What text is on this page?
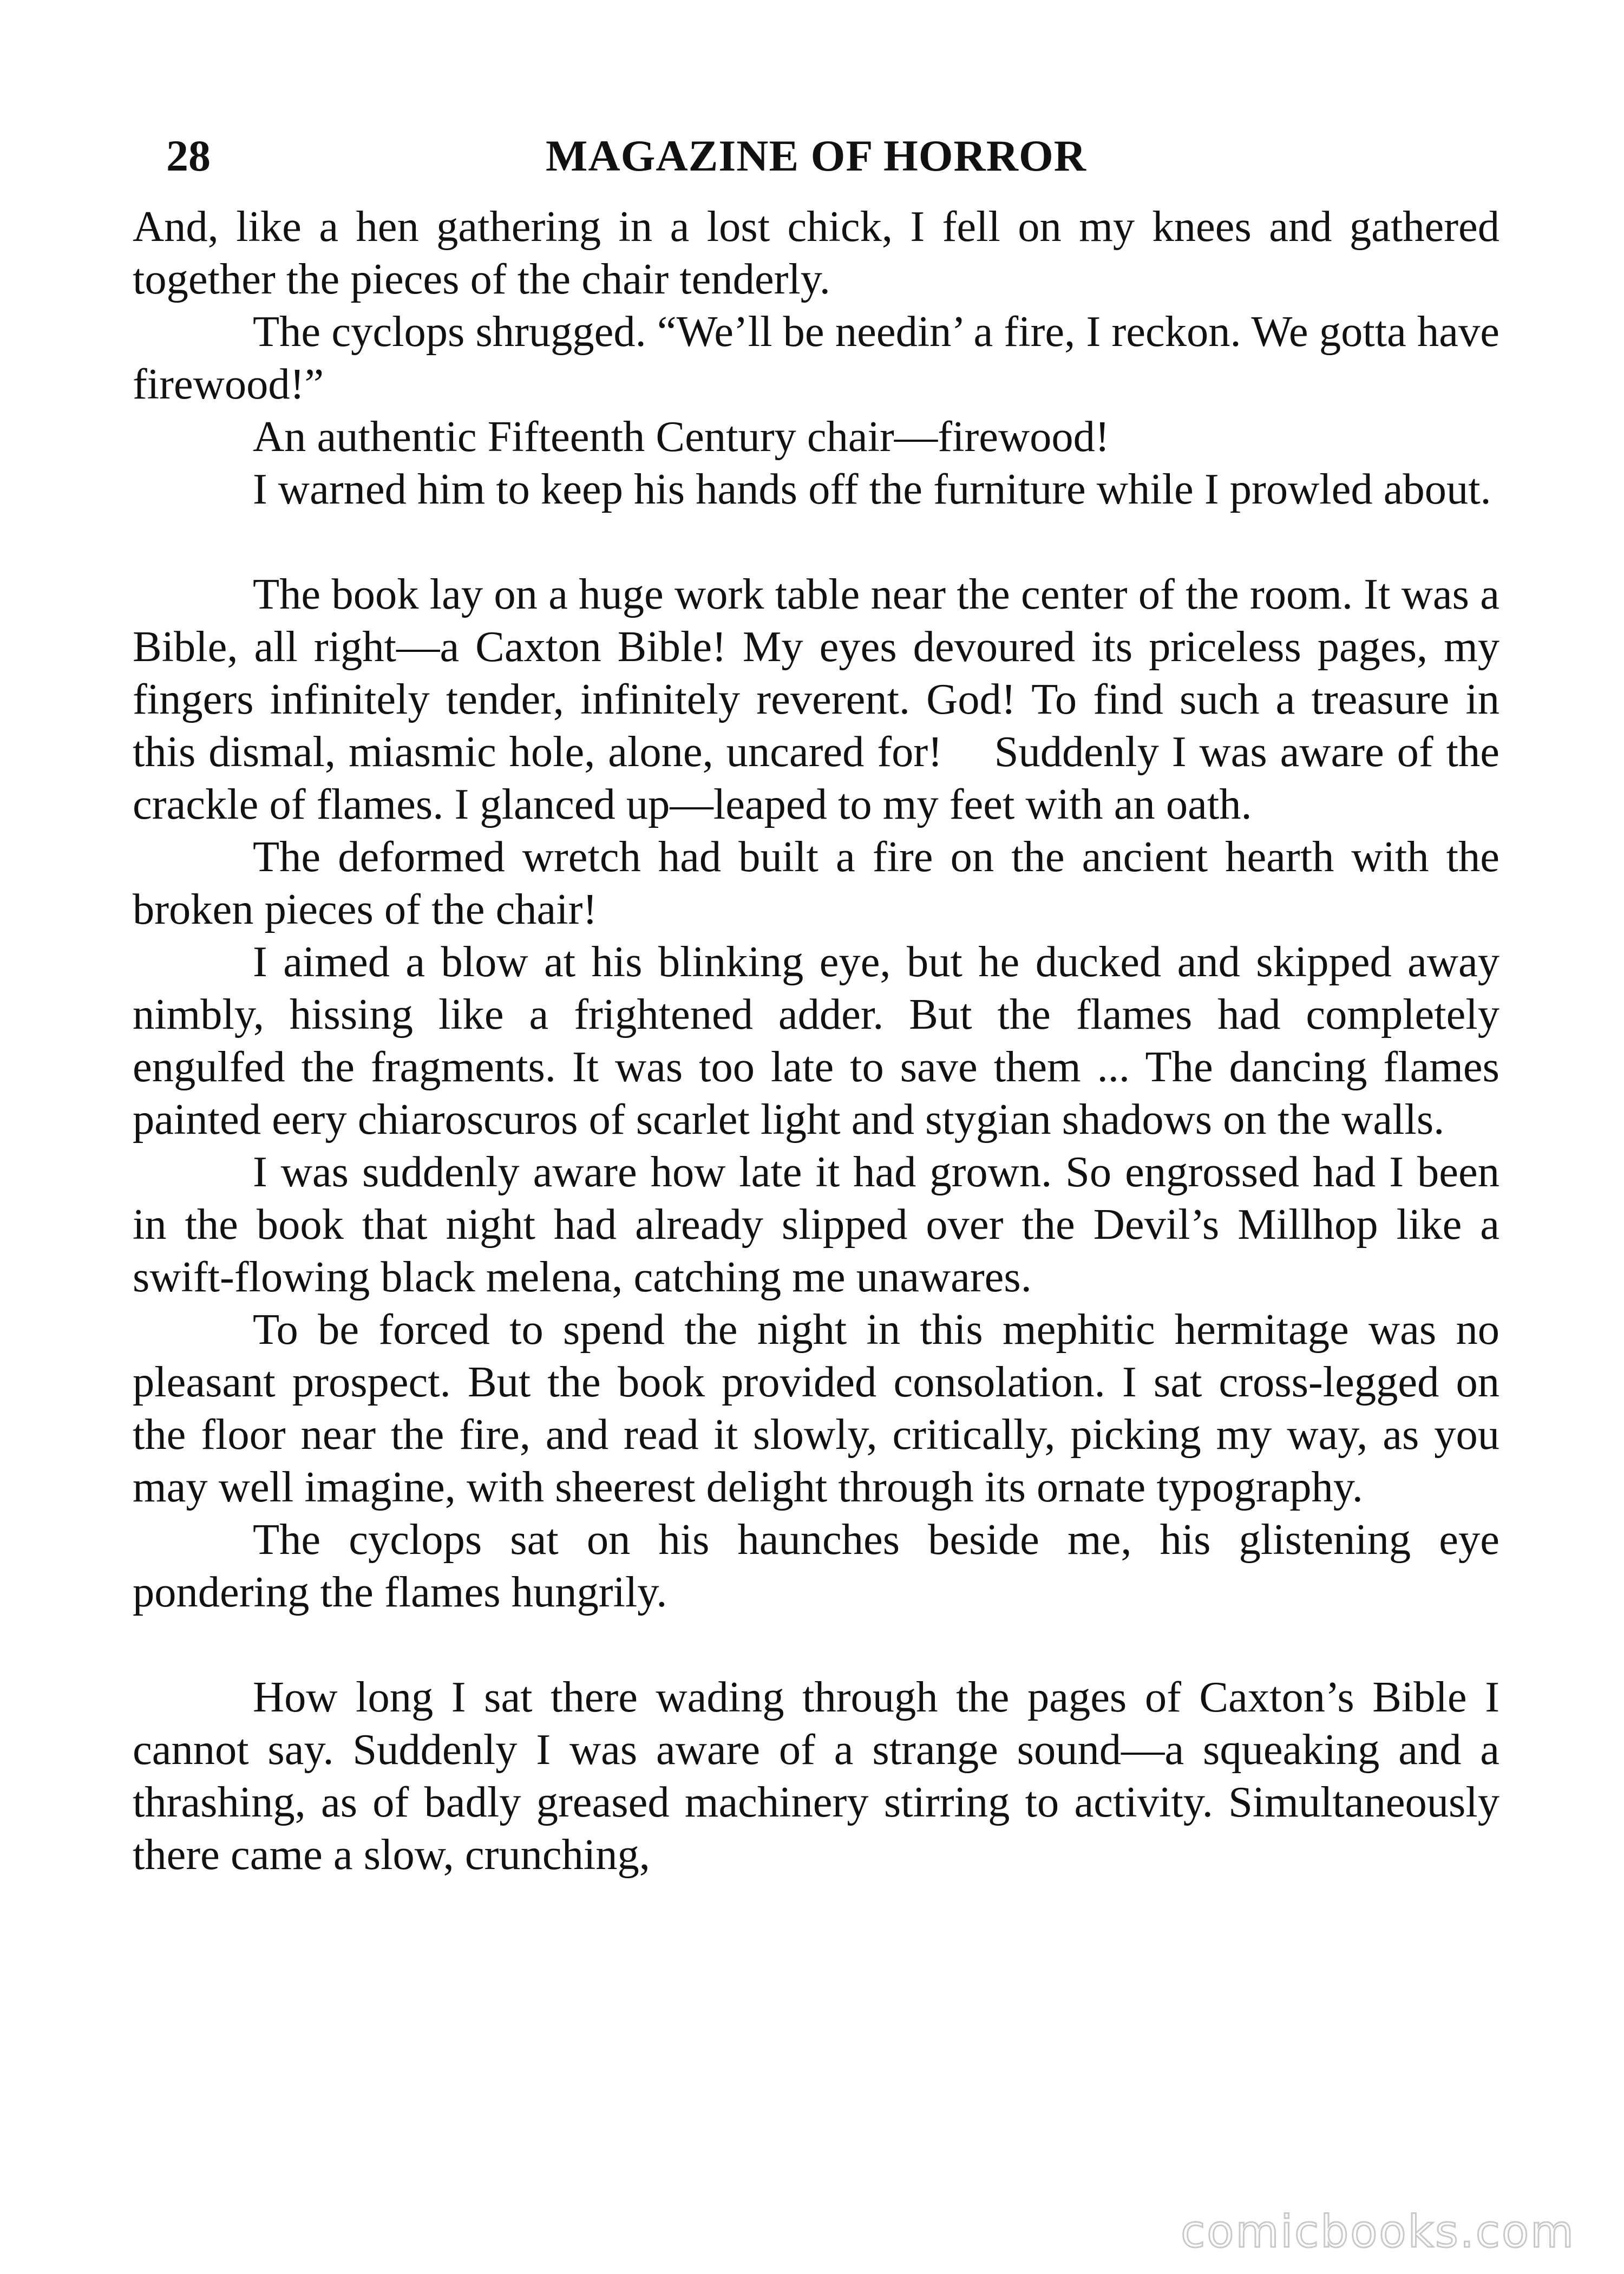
28	MAGAZINE OF HORROR

And, like a hen gathering in a lost chick, I fell on my knees and gathered together the pieces of the chair tenderly.

The cyclops shrugged. “We’ll be needin’ a fire, I reckon. We gotta have firewood!”

An authentic Fifteenth Century chair—firewood!

I warned him to keep his hands off the furniture while I prowled about.

The book lay on a huge work table near the center of the room. It was a Bible, all right—a Caxton Bible! My eyes devoured its priceless pages, my fingers infinitely tender, infinitely reverent. God! To find such a treasure in this dismal, miasmic hole, alone, uncared for!    Suddenly I was aware of the crackle of flames. I glanced up—leaped to my feet with an oath.

The deformed wretch had built a fire on the ancient hearth with the broken pieces of the chair!

I aimed a blow at his blinking eye, but he ducked and skipped away nimbly, hissing like a frightened adder. But the flames had completely engulfed the fragments. It was too late to save them ... The dancing flames painted eery chiaroscuros of scarlet light and stygian shadows on the walls.

I was suddenly aware how late it had grown. So engrossed had I been in the book that night had already slipped over the Devil’s Millhop like a swift-flowing black melena, catching me unawares.

To be forced to spend the night in this mephitic hermitage was no pleasant prospect. But the book provided consolation. I sat cross-legged on the floor near the fire, and read it slowly, critically, picking my way, as you may well imagine, with sheerest delight through its ornate typography.

The cyclops sat on his haunches beside me, his glistening eye pondering the flames hungrily.

How long I sat there wading through the pages of Caxton’s Bible I cannot say. Suddenly I was aware of a strange sound—a squeaking and a thrashing, as of badly greased machinery stirring to activity. Simultaneously there came a slow, crunching,

comicbooks.com
